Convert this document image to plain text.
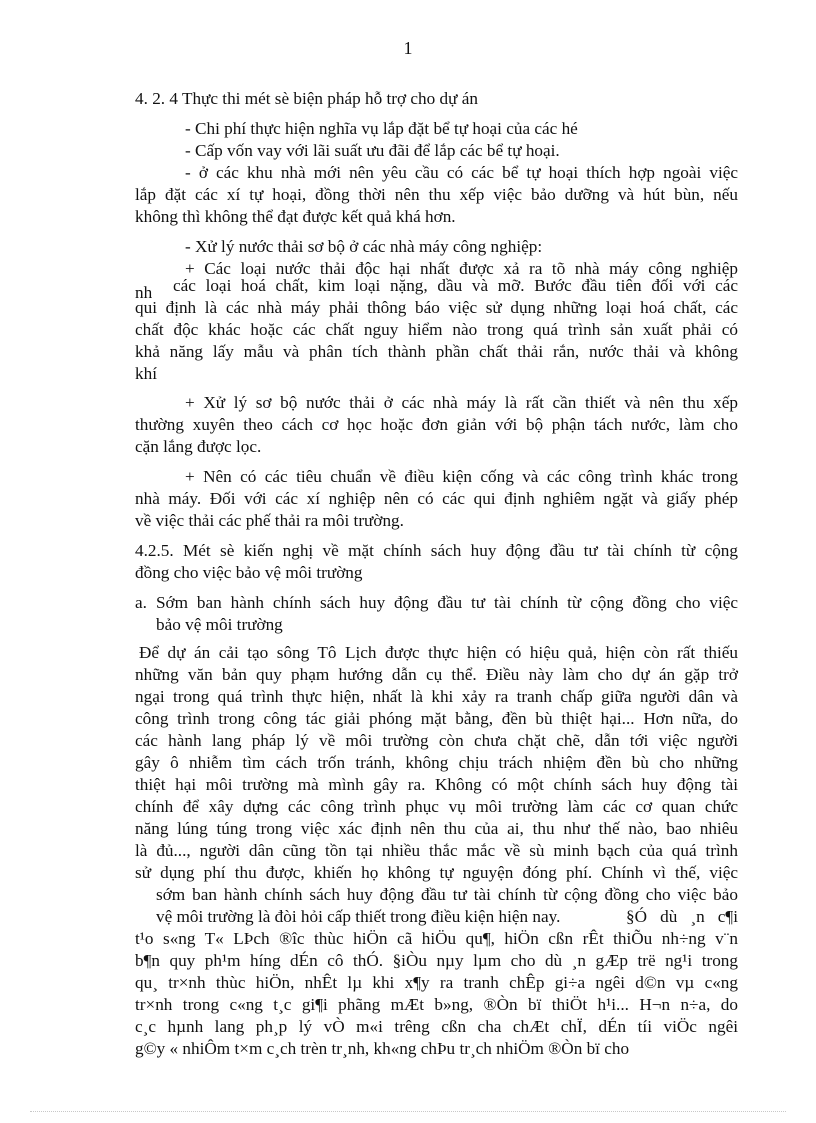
1
4. 2. 4 Thực thi mét sè biện pháp hỗ trợ cho dự án
- Chi phí thực hiện nghĩa vụ lắp đặt bể tự hoại của các hé
- Cấp vốn vay với lãi suất ưu đãi để lắp các bể tự hoại.
- ở các khu nhà mới nên yêu cầu có các bể tự hoại thích hợp ngoài việc
lắp đặt các xí tự hoại, đồng thời nên thu xếp việc bảo dưỡng và hút bùn, nếu
không thì không thể đạt được kết quả khá hơn.
- Xử lý nước thải sơ bộ ở các nhà máy công nghiệp:
+ Các loại nước thải độc hại nhất được xả ra tõ nhà máy công nghiệp
nh các loại hoá chất, kim loại nặng, dầu và mỡ. Bước đầu tiên đối với các
qui định là các nhà máy phải thông báo việc sử dụng những loại hoá chất, các
chất độc khác hoặc các chất nguy hiểm nào trong quá trình sản xuất phải có
khả năng lấy mẫu và phân tích thành phần chất thải rắn, nước thải và không
khí
+ Xử lý sơ bộ nước thải ở các nhà máy là rất cần thiết và nên thu xếp
thường xuyên theo cách cơ học hoặc đơn giản với bộ phận tách nước, làm cho
cặn lắng được lọc.
+ Nên có các tiêu chuẩn về điều kiện cống và các công trình khác trong
nhà máy. Đối với các xí nghiệp nên có các qui định nghiêm ngặt và giấy phép
về việc thải các phế thải ra môi trường.
4.2.5. Mét sè kiến nghị về mặt chính sách huy động đầu tư tài chính từ cộng
đồng cho việc bảo vệ môi trường
a. Sớm ban hành chính sách huy động đầu tư tài chính từ cộng đồng cho việc
bảo vệ môi trường
Để dự án cải tạo sông Tô Lịch được thực hiện có hiệu quả, hiện còn rất thiếu
những văn bản quy phạm hướng dẫn cụ thể. Điều này làm cho dự án gặp trở
ngại trong quá trình thực hiện, nhất là khi xảy ra tranh chấp giữa người dân và
công trình trong công tác giải phóng mặt bằng, đền bù thiệt hại... Hơn nữa, do
các hành lang pháp lý về môi trường còn chưa chặt chẽ, dẫn tới việc người
gây ô nhiễm tìm cách trốn tránh, không chịu trách nhiệm đền bù cho những
thiệt hại môi trường mà mình gây ra. Không có một chính sách huy động tài
chính để xây dựng các công trình phục vụ môi trường làm các cơ quan chức
năng lúng túng trong việc xác định nên thu của ai, thu như thế nào, bao nhiêu
là đủ..., người dân cũng tồn tại nhiều thắc mắc về sù minh bạch của quá trình
sử dụng phí thu được, khiến họ không tự nguyện đóng phí. Chính vì thế, việc
sớm ban hành chính sách huy động đầu tư tài chính từ cộng đồng cho việc bảo
vệ môi trường là đòi hỏi cấp thiết trong điều kiện hiện nay.	§Ó dù ¸n c¶i
t¹o s«ng T« LÞch ®îc thùc hiÖn cã hiÖu qu¶, hiÖn cßn rÊt thiÕu nh÷ng v¨n
b¶n quy ph¹m híng dÉn cô thÓ. §iÒu nµy lµm cho dù ¸n gÆp trë ng¹i trong
qu¸ tr×nh thùc hiÖn, nhÊt lµ khi x¶y ra tranh chÊp gi÷a ngêi d©n vµ c«ng
tr×nh trong c«ng t¸c gi¶i phãng mÆt b»ng, ®Òn bï thiÖt h¹i... H¬n n÷a, do
c¸c hµnh lang ph¸p lý vÒ m«i trêng cßn cha chÆt chÏ, dÉn tíi viÖc ngêi
g©y « nhiÔm t×m c¸ch trèn tr¸nh, kh«ng chÞu tr¸ch nhiÖm ®Òn bï cho
